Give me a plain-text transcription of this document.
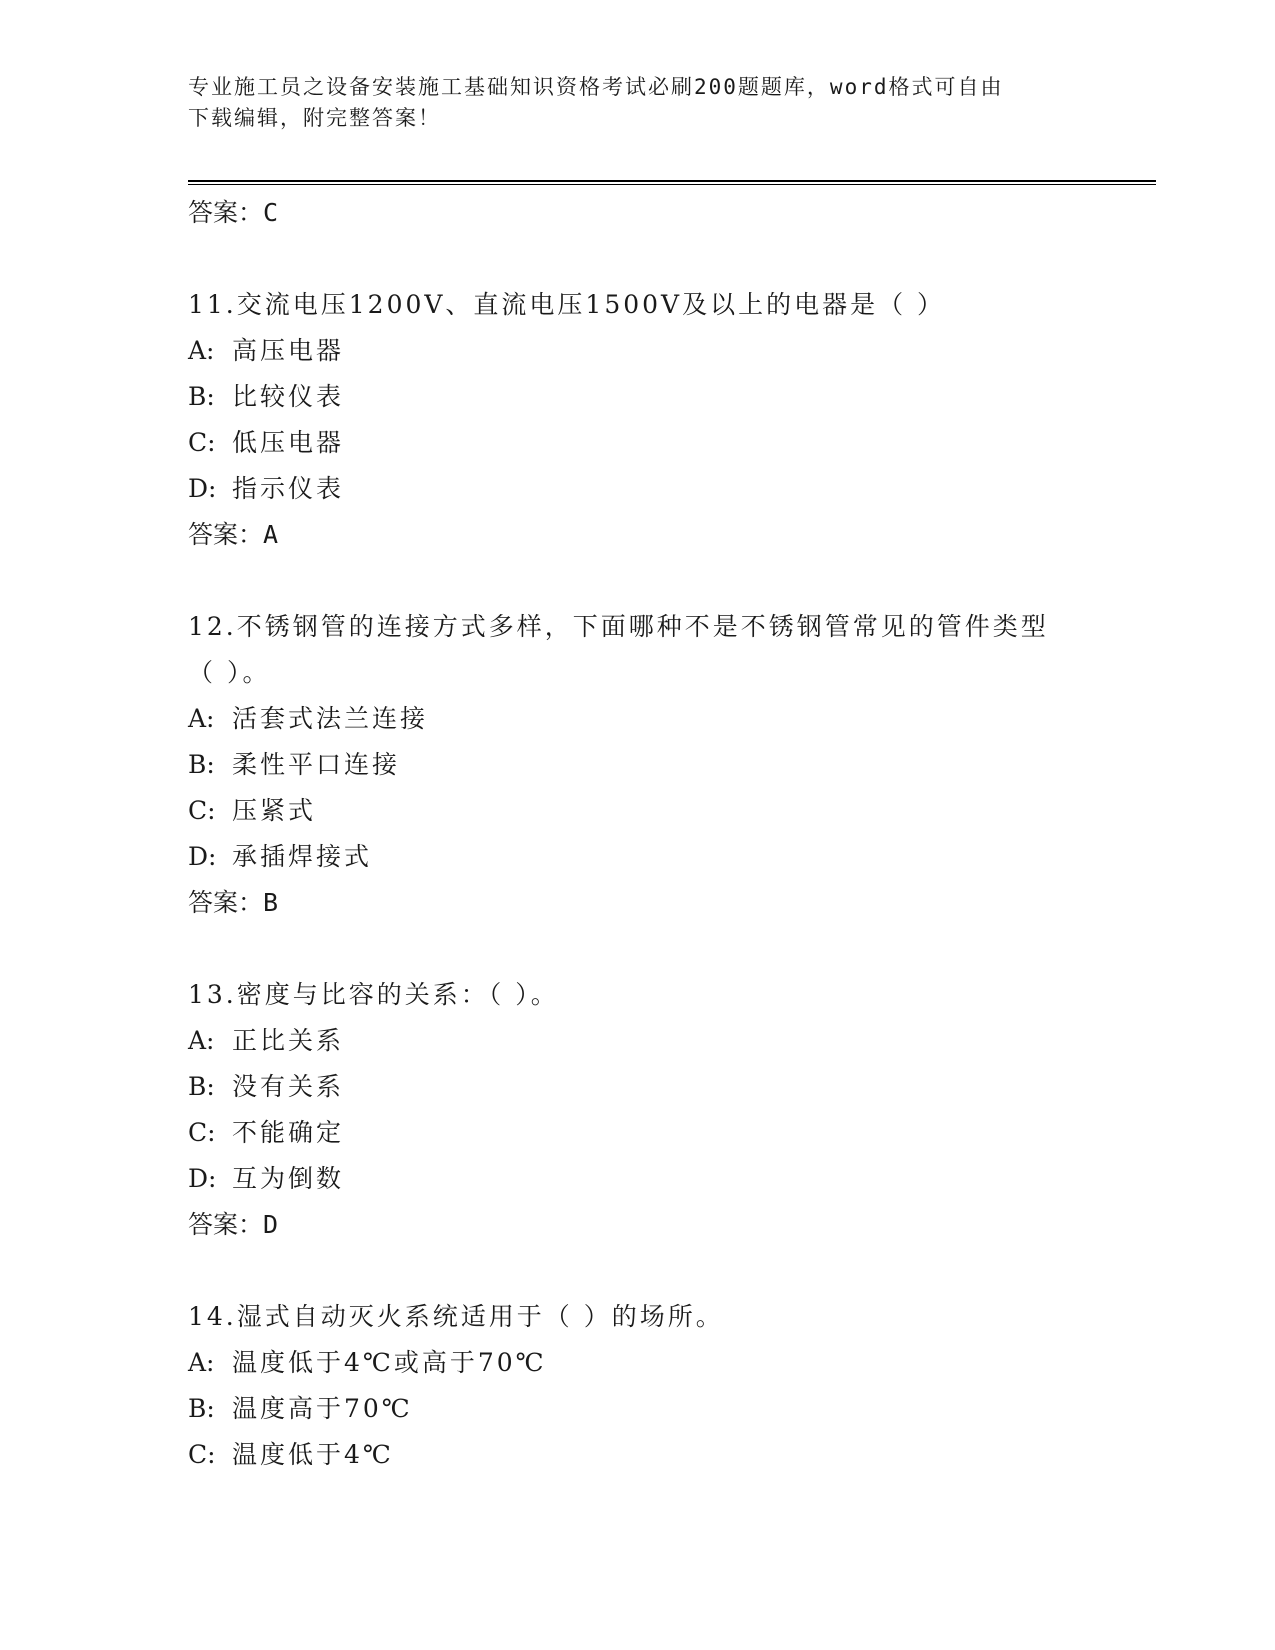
专业施工员之设备安装施工基础知识资格考试必刷200题题库，word格式可自由
下载编辑，附完整答案！
答案：C
11.交流电压1200V、直流电压1500V及以上的电器是（ ）
A: 高压电器
B: 比较仪表
C: 低压电器
D: 指示仪表
答案：A
12.不锈钢管的连接方式多样，下面哪种不是不锈钢管常见的管件类型
（ ）。
A: 活套式法兰连接
B: 柔性平口连接
C: 压紧式
D: 承插焊接式
答案：B
13.密度与比容的关系：（ ）。
A: 正比关系
B: 没有关系
C: 不能确定
D: 互为倒数
答案：D
14.湿式自动灭火系统适用于（ ）的场所。
A: 温度低于4℃或高于70℃
B: 温度高于70℃
C: 温度低于4℃
